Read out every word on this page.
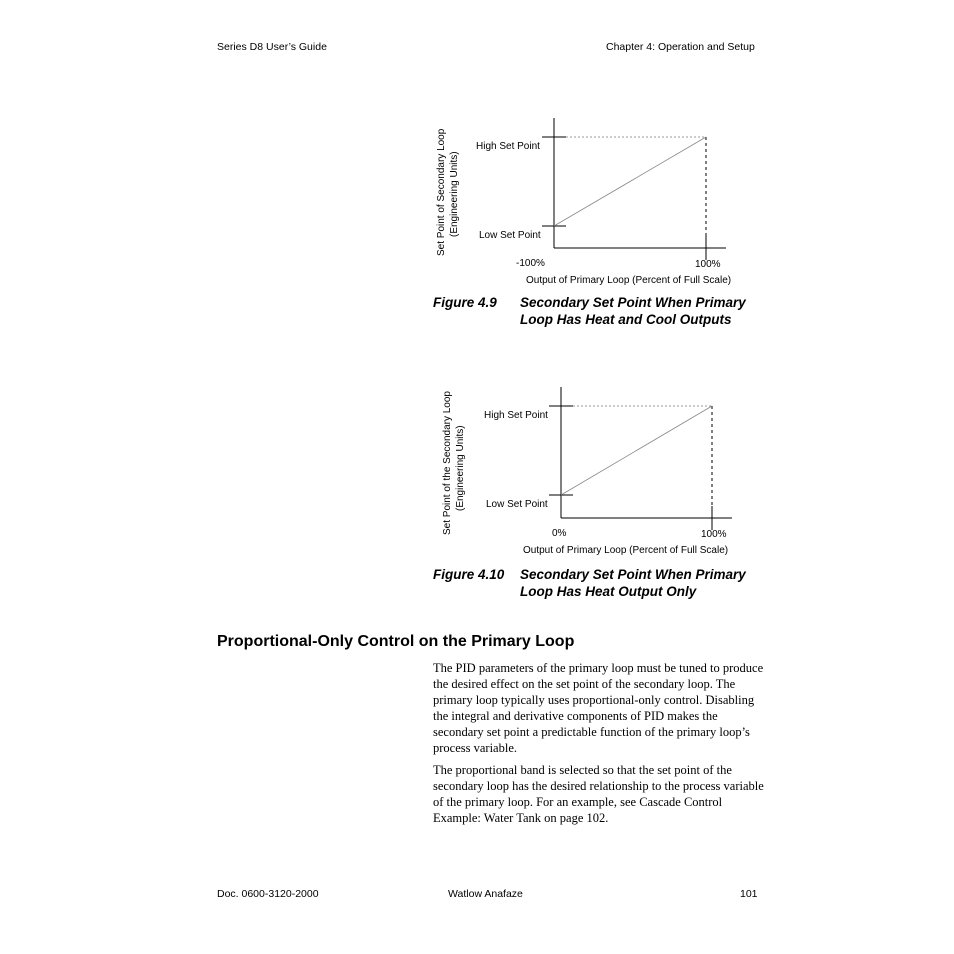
Series D8 User’s Guide	Chapter 4: Operation and Setup
High Set Point
Low Set Point
-100%	100%
Output of Primary Loop (Percent of Full Scale)
Set Point of Secondary Loop (Engineering Units)
High Set Point
Low Set Point
0%	100%
Output of Primary Loop (Percent of Full Scale)
Set Point of the Secondary Loop (Engineering Units)
Figure 4.9 Secondary Set Point When Primary Loop Has Heat and Cool Outputs
Figure 4.10 Secondary Set Point When Primary Loop Has Heat Output Only
Proportional-Only Control on the Primary Loop
The PID parameters of the primary loop must be tuned to produce the desired effect on the set point of the secondary loop. The primary loop typically uses proportional-only control. Disabling the integral and derivative components of PID makes the secondary set point a predictable function of the primary loop’s process variable.
The proportional band is selected so that the set point of the secondary loop has the desired relationship to the process variable of the primary loop. For an example, see Cascade Control Example: Water Tank on page 102.
Doc. 0600-3120-2000	Watlow Anafaze	101
